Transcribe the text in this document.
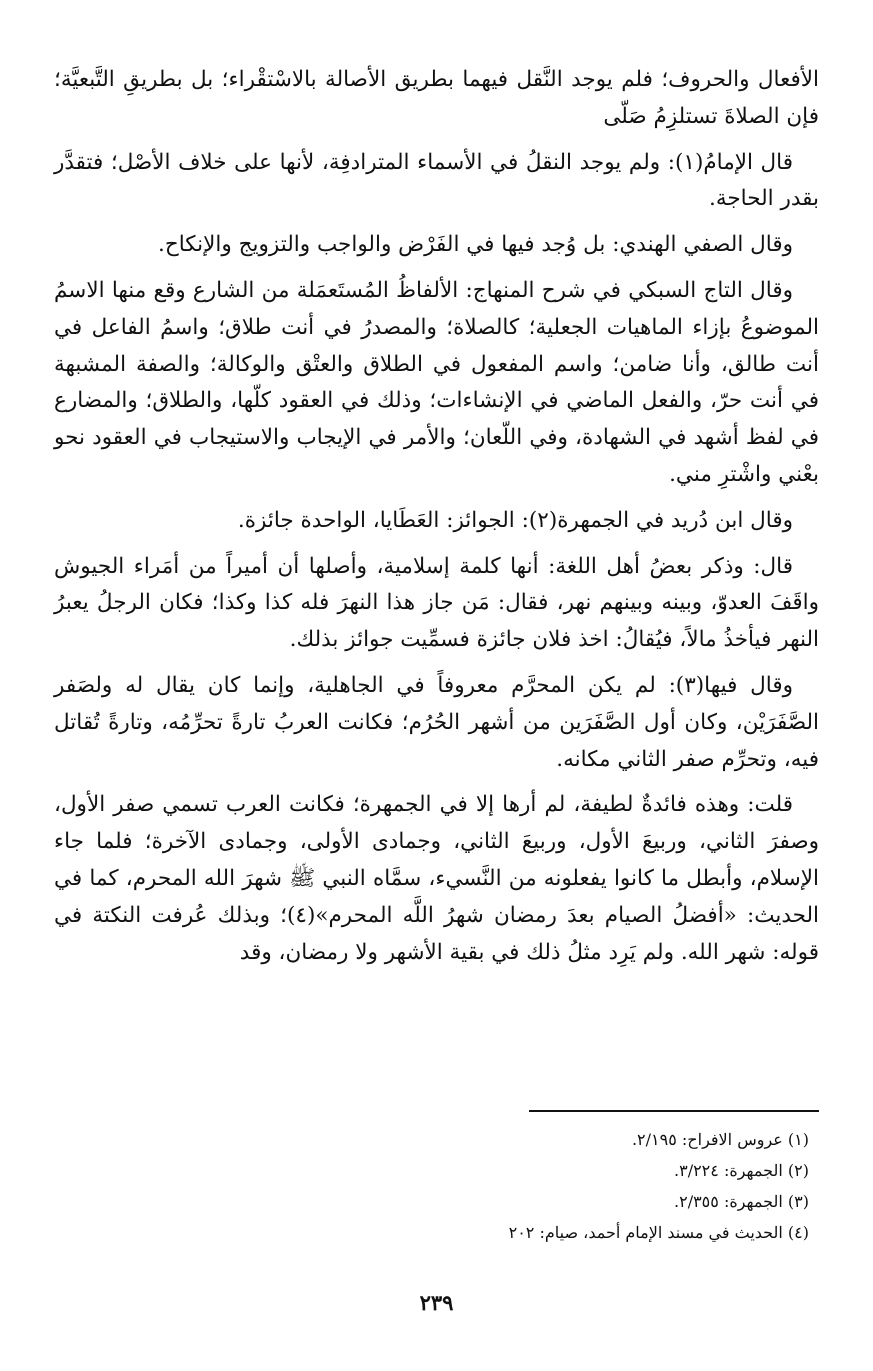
الأفعال والحروف؛ فلم يوجد النَّقل فيهما بطريق الأصالة بالاسْتقْراء؛ بل بطريقِ التَّبعيَّة؛ فإن الصلاةَ تستلزِمُ صَلّى

قال الإمامُ(١): ولم يوجد النقلُ في الأسماء المترادفِة، لأنها على خلاف الأصْل؛ فتقدَّر بقدر الحاجة.

وقال الصفي الهندي: بل وُجد فيها في الفَرْض والواجب والتزويج والإنكاح.

وقال التاج السبكي في شرح المنهاج: الألفاظُ المُستَعمَلة من الشارع وقع منها الاسمُ الموضوعُ بإزاء الماهيات الجعلية؛ كالصلاة؛ والمصدرُ في أنت طلاق؛ واسمُ الفاعل في أنت طالق، وأنا ضامن؛ واسم المفعول في الطلاق والعتْق والوكالة؛ والصفة المشبهة في أنت حرّ، والفعل الماضي في الإنشاءات؛ وذلك في العقود كلّها، والطلاق؛ والمضارع في لفظ أشهد في الشهادة، وفي اللّعان؛ والأمر في الإيجاب والاستيجاب في العقود نحو بعْني واشْترِ مني.

وقال ابن دُريد في الجمهرة(٢): الجوائز: العَطَايا، الواحدة جائزة.

قال: وذكر بعضُ أهل اللغة: أنها كلمة إسلامية، وأصلها أن أميراً من أمَراء الجيوش واقَفَ العدوّ، وبينه وبينهم نهر، فقال: مَن جاز هذا النهرَ فله كذا وكذا؛ فكان الرجلُ يعبرُ النهر فيأخذُ مالاً، فيُقالُ: اخذ فلان جائزة فسمِّيت جوائز بذلك.

وقال فيها(٣): لم يكن المحرَّم معروفاً في الجاهلية، وإنما كان يقال له ولصَفر الصَّفَرَيْن، وكان أول الصَّفَرَين من أشهر الحُرُم؛ فكانت العربُ تارةً تحرِّمُه، وتارةً تُقاتل فيه، وتحرِّم صفر الثاني مكانه.

قلت: وهذه فائدةٌ لطيفة، لم أرها إلا في الجمهرة؛ فكانت العرب تسمي صفر الأول، وصفرَ الثاني، وربيعَ الأول، وربيعَ الثاني، وجمادى الأولى، وجمادى الآخرة؛ فلما جاء الإسلام، وأبطل ما كانوا يفعلونه من النَّسيء، سمَّاه النبي ﷺ شهرَ الله المحرم، كما في الحديث: «أفضلُ الصيام بعدَ رمضان شهرُ اللَّه المحرم»(٤)؛ وبذلك عُرفت النكتة في قوله: شهر الله. ولم يَرِد مثلُ ذلك في بقية الأشهر ولا رمضان، وقد

(١) عروس الافراح: ٢/١٩٥.
(٢) الجمهرة: ٣/٢٢٤.
(٣) الجمهرة: ٢/٣٥٥.
(٤) الحديث في مسند الإمام أحمد، صيام: ٢٠٢
٢٣٩
